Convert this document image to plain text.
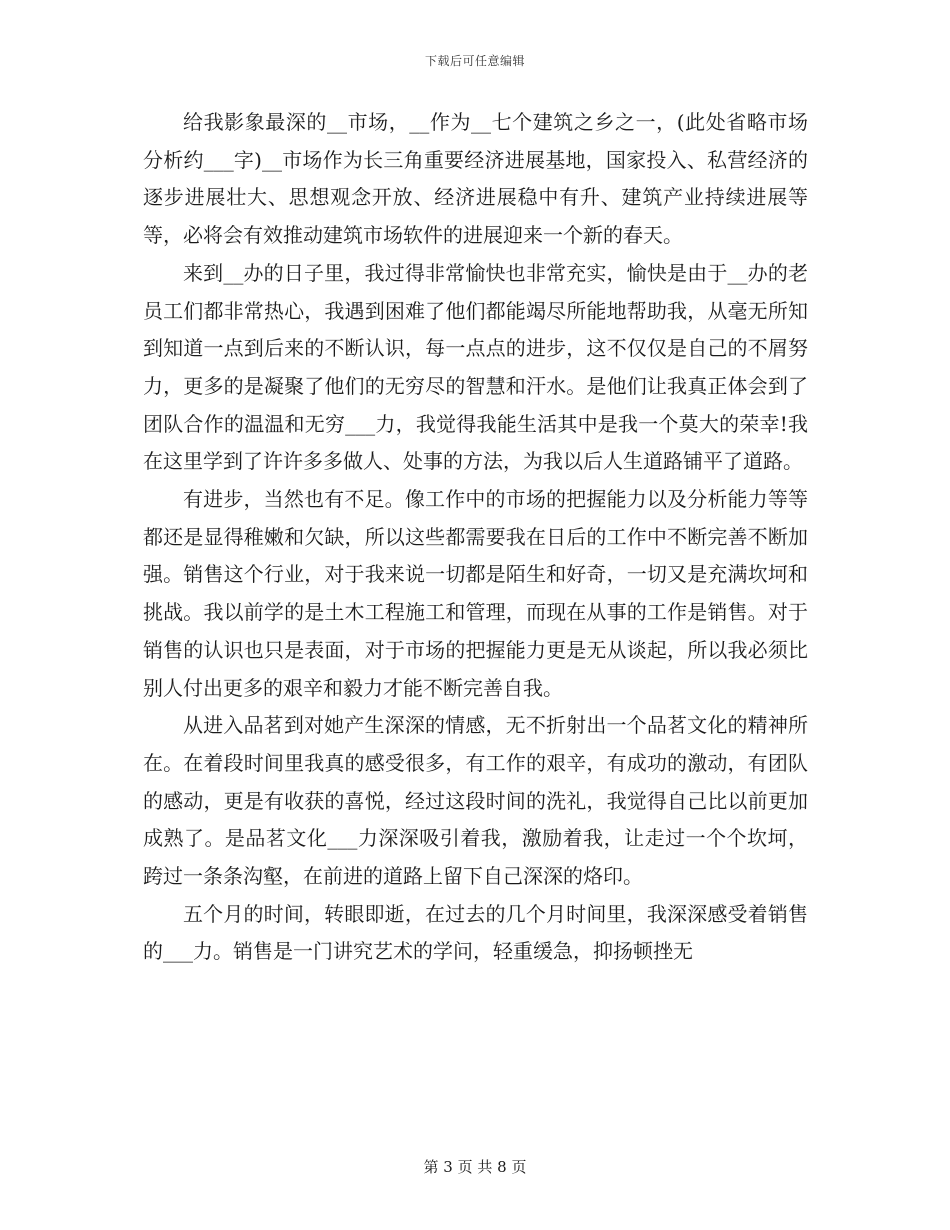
下载后可任意编辑

给我影象最深的__市场，__作为__七个建筑之乡之一，(此处省略市场分析约___字)__市场作为长三角重要经济进展基地，国家投入、私营经济的逐步进展壮大、思想观念开放、经济进展稳中有升、建筑产业持续进展等等，必将会有效推动建筑市场软件的进展迎来一个新的春天。

来到__办的日子里，我过得非常愉快也非常充实，愉快是由于__办的老员工们都非常热心，我遇到困难了他们都能竭尽所能地帮助我，从毫无所知到知道一点到后来的不断认识，每一点点的进步，这不仅仅是自己的不屑努力，更多的是凝聚了他们的无穷尽的智慧和汗水。是他们让我真正体会到了团队合作的温温和无穷___力，我觉得我能生活其中是我一个莫大的荣幸!我在这里学到了许许多多做人、处事的方法，为我以后人生道路铺平了道路。

有进步，当然也有不足。像工作中的市场的把握能力以及分析能力等等都还是显得稚嫩和欠缺，所以这些都需要我在日后的工作中不断完善不断加强。销售这个行业，对于我来说一切都是陌生和好奇，一切又是充满坎坷和挑战。我以前学的是土木工程施工和管理，而现在从事的工作是销售。对于销售的认识也只是表面，对于市场的把握能力更是无从谈起，所以我必须比别人付出更多的艰辛和毅力才能不断完善自我。

从进入品茗到对她产生深深的情感，无不折射出一个品茗文化的精神所在。在着段时间里我真的感受很多，有工作的艰辛，有成功的激动，有团队的感动，更是有收获的喜悦，经过这段时间的洗礼，我觉得自己比以前更加成熟了。是品茗文化___力深深吸引着我，激励着我，让走过一个个坎坷，跨过一条条沟壑，在前进的道路上留下自己深深的烙印。

五个月的时间，转眼即逝，在过去的几个月时间里，我深深感受着销售的___力。销售是一门讲究艺术的学问，轻重缓急，抑扬顿挫无

第 3 页 共 8 页
